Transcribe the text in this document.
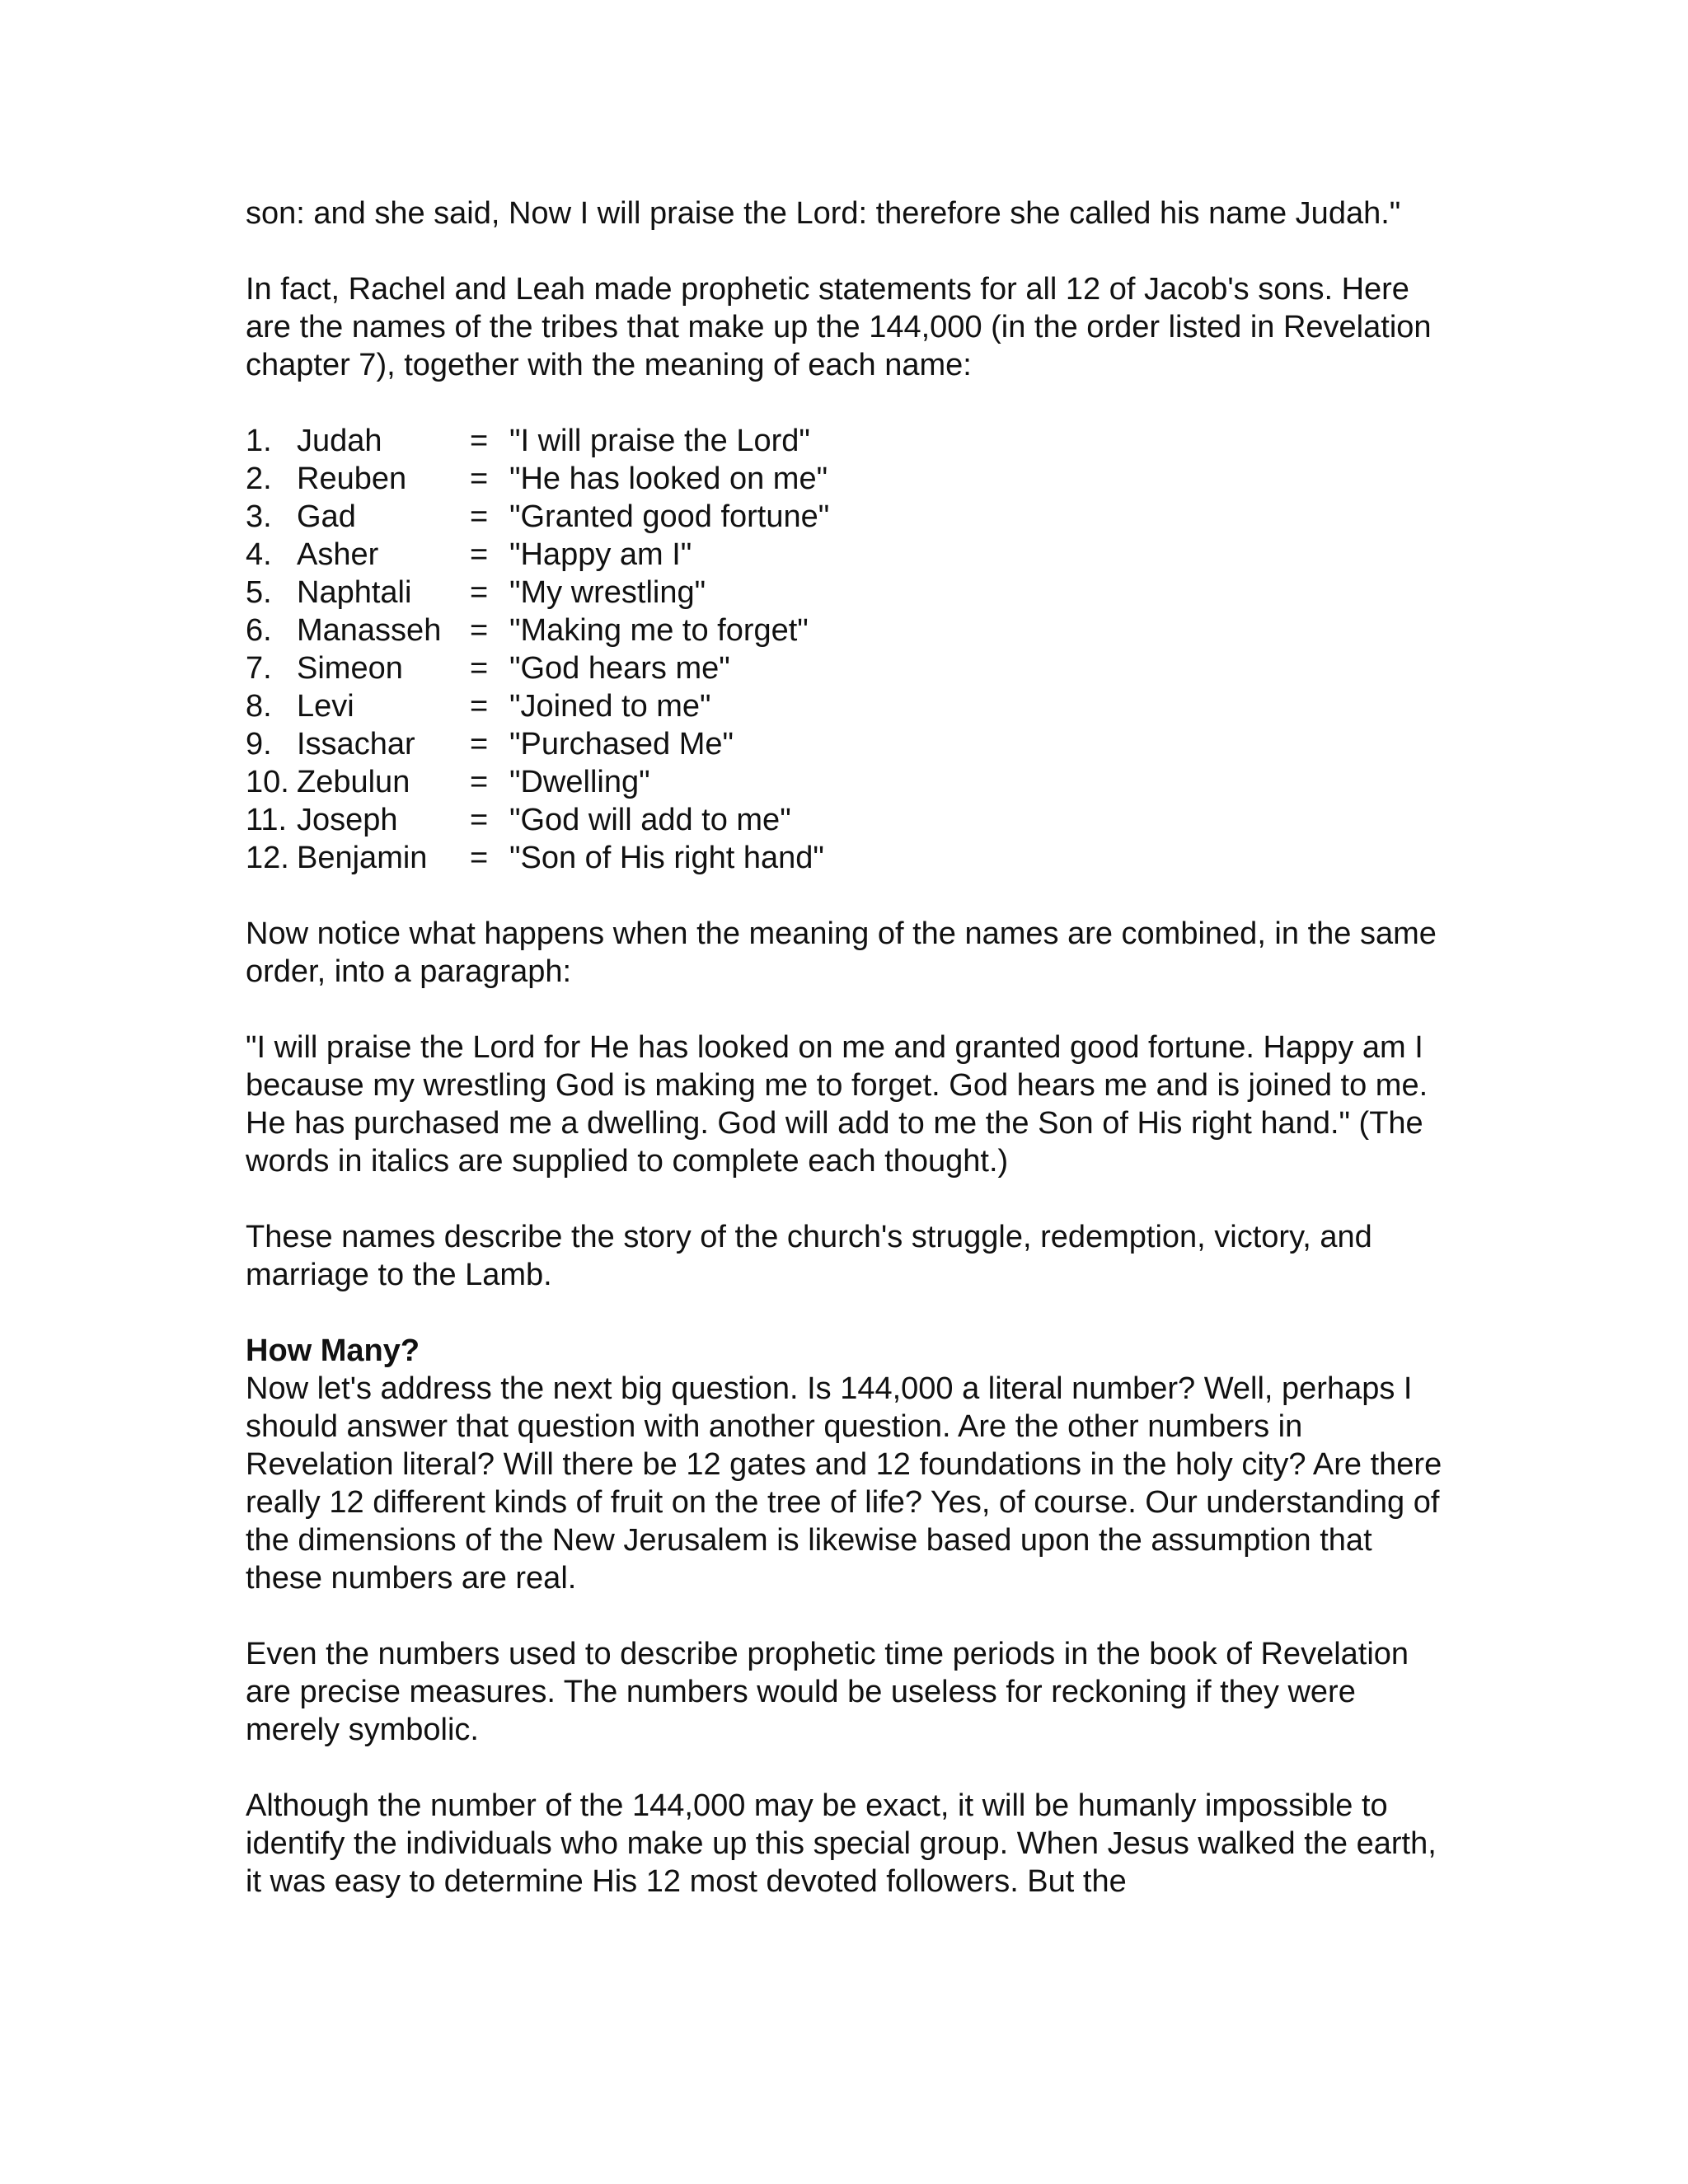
son: and she said, Now I will praise the Lord: therefore she called his name Judah."

In fact, Rachel and Leah made prophetic statements for all 12 of Jacob's sons. Here are the names of the tribes that make up the 144,000 (in the order listed in Revelation chapter 7), together with the meaning of each name:

1. Judah	= "I will praise the Lord"
2. Reuben	= "He has looked on me"
3. Gad	= "Granted good fortune"
4. Asher	= "Happy am I"
5. Naphtali	= "My wrestling"
6. Manasseh = "Making me to forget"
7. Simeon	= "God hears me"
8. Levi	= "Joined to me"
9. Issachar	= "Purchased Me"
10. Zebulun	= "Dwelling"
11. Joseph	= "God will add to me"
12. Benjamin	= "Son of His right hand"

Now notice what happens when the meaning of the names are combined, in the same order, into a paragraph:

"I will praise the Lord for He has looked on me and granted good fortune. Happy am I because my wrestling God is making me to forget. God hears me and is joined to me. He has purchased me a dwelling. God will add to me the Son of His right hand." (The words in italics are supplied to complete each thought.)

These names describe the story of the church's struggle, redemption, victory, and marriage to the Lamb.

How Many?

Now let's address the next big question. Is 144,000 a literal number? Well, perhaps I should answer that question with another question. Are the other numbers in Revelation literal? Will there be 12 gates and 12 foundations in the holy city? Are there really 12 different kinds of fruit on the tree of life? Yes, of course. Our understanding of the dimensions of the New Jerusalem is likewise based upon the assumption that these numbers are real.

Even the numbers used to describe prophetic time periods in the book of Revelation are precise measures. The numbers would be useless for reckoning if they were merely symbolic.

Although the number of the 144,000 may be exact, it will be humanly impossible to identify the individuals who make up this special group. When Jesus walked the earth, it was easy to determine His 12 most devoted followers. But the
